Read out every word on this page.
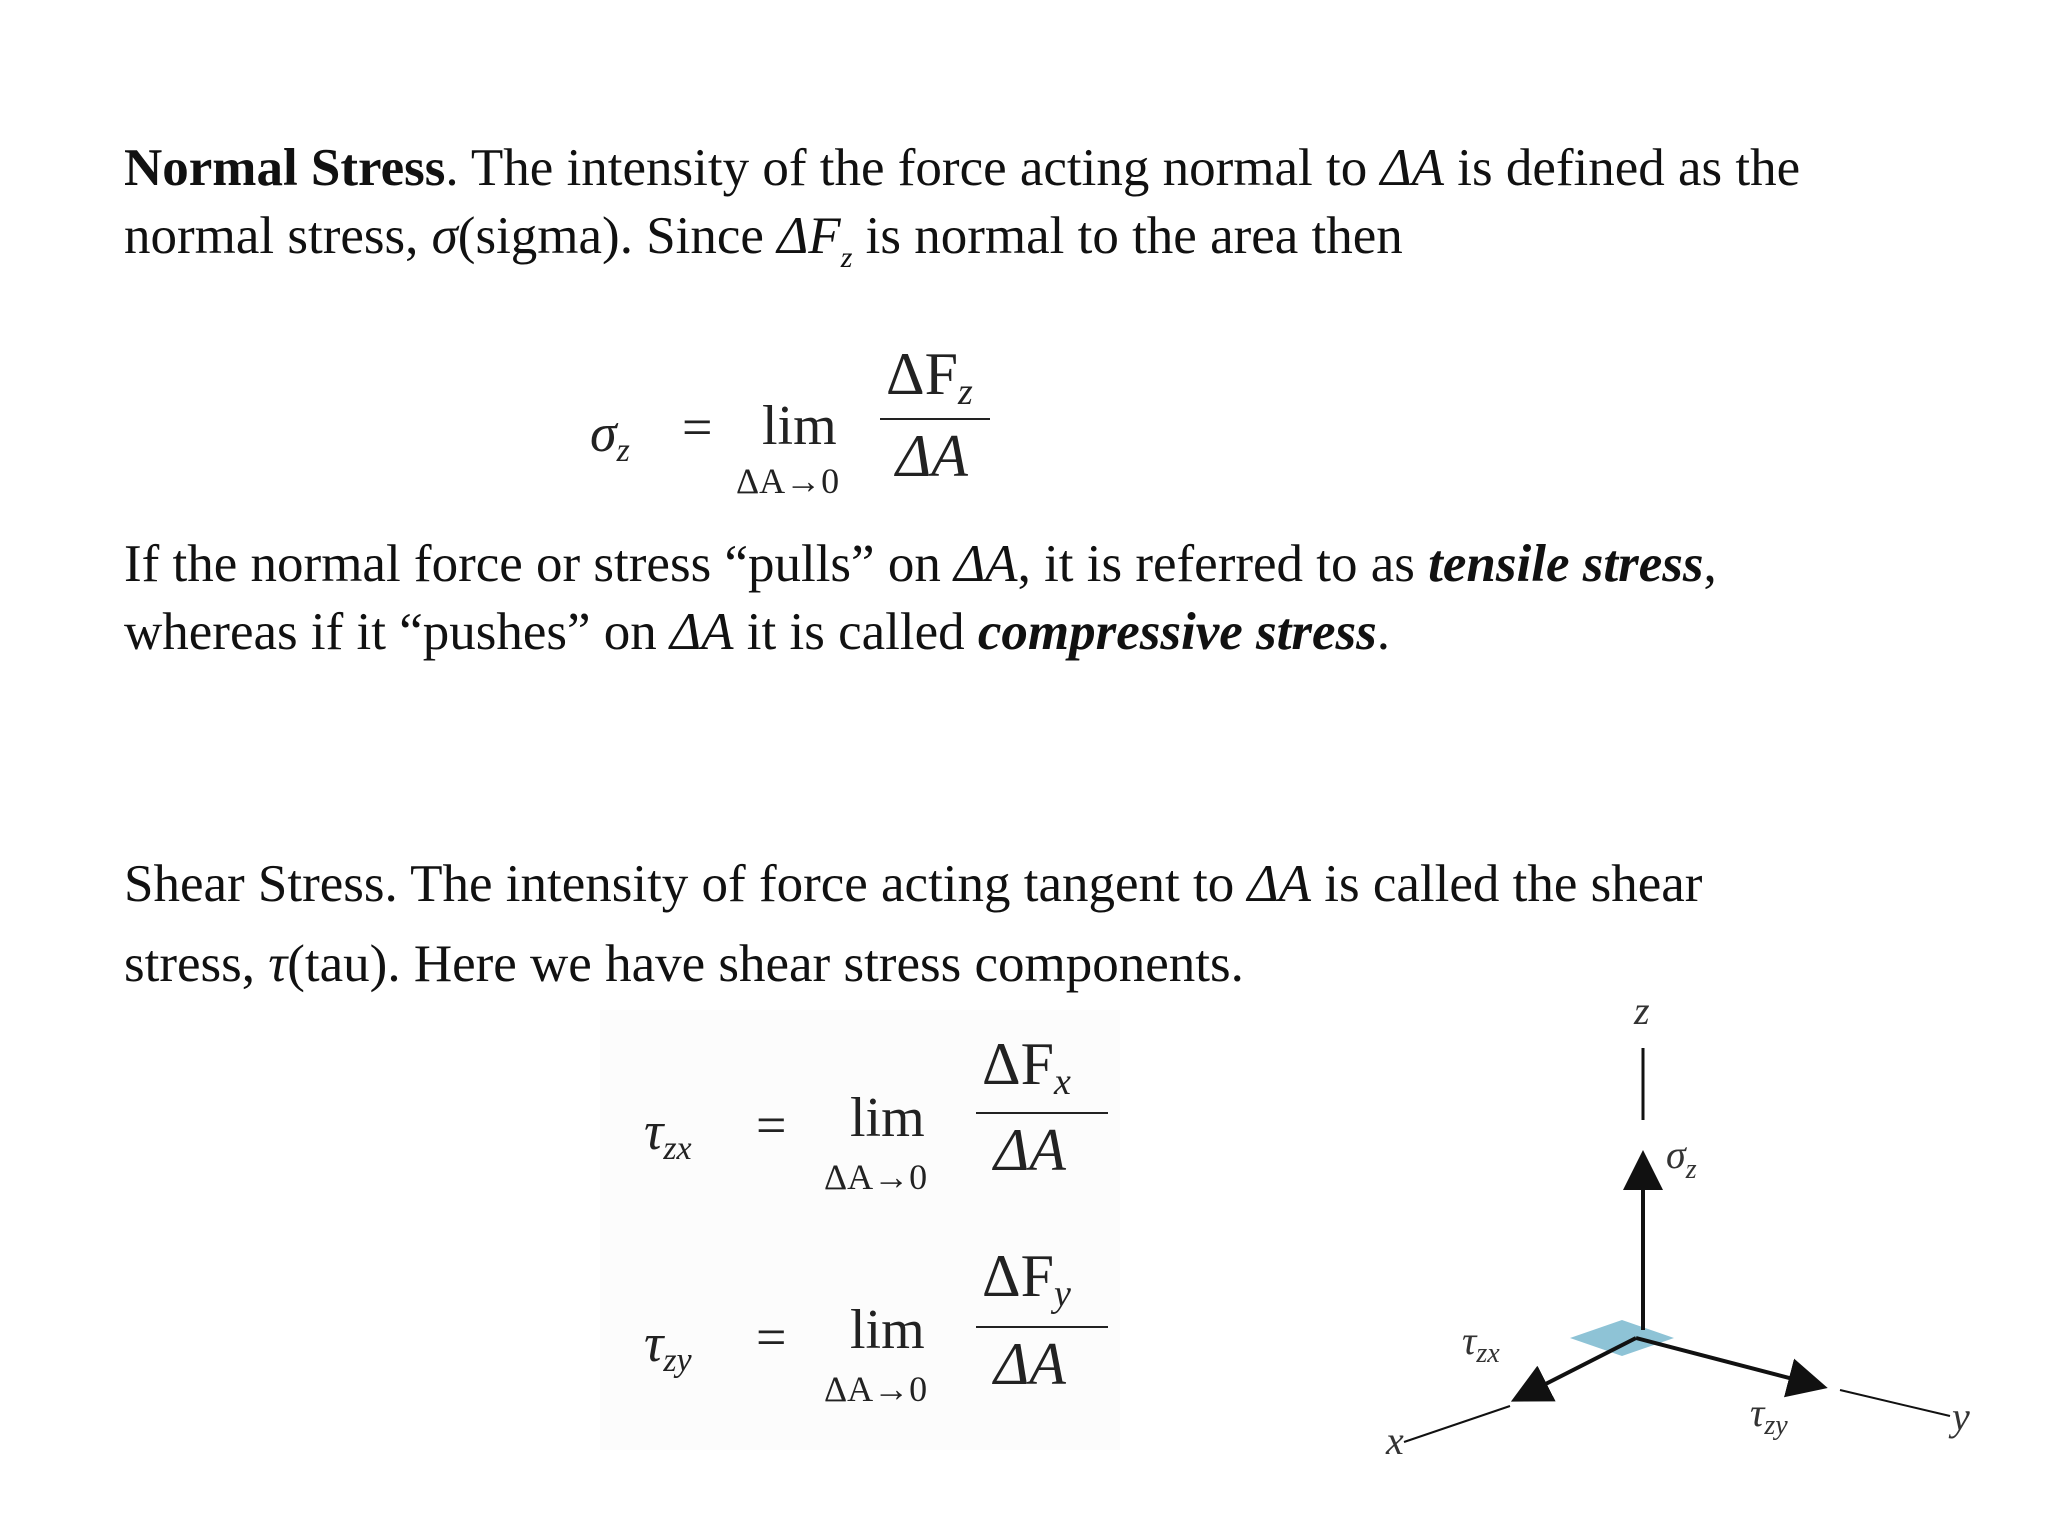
Normal Stress. The intensity of the force acting normal to ΔA is defined as the
normal stress, σ(sigma). Since $\Delta F_z$ is normal to the area then

σz = lim
ΔA→0
ΔFz
ΔA

If the normal force or stress “pulls” on ΔA, it is referred to as tensile stress,
whereas if it “pushes” on ΔA it is called compressive stress.

Shear Stress. The intensity of force acting tangent to ΔA is called the shear
stress, τ(tau). Here we have shear stress components.

τzx = lim
ΔA→0
ΔFx
ΔA
τzy = lim
ΔA→0
ΔFy
ΔA
z
$\sigma_z$
$\tau_{zx}$
$\tau_{zy}$
x
y
